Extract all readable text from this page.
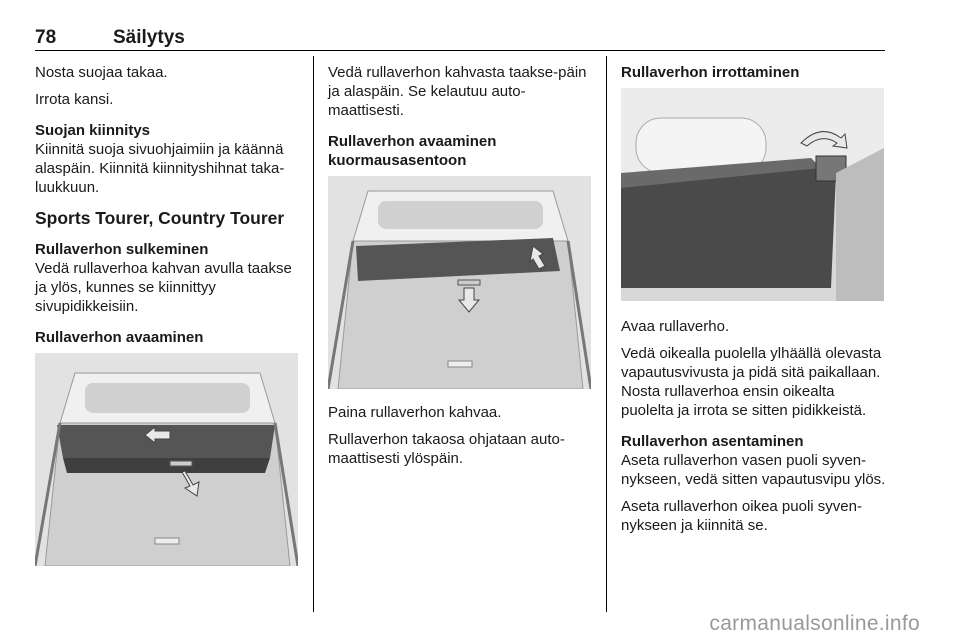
78	Säilytys

Nosta suojaa takaa.

Irrota kansi.

Suojan kiinnitys

Kiinnitä suoja sivuohjaimiin ja käännä alaspäin. Kiinnitä kiinnityshihnat taka-luukkuun.

Sports Tourer, Country Tourer
Rullaverhon sulkeminen

Vedä rullaverhoa kahvan avulla taakse ja ylös, kunnes se kiinnittyy sivupidikkeisiin.

Rullaverhon avaaminen

Vedä rullaverhon kahvasta taakse-päin ja alaspäin. Se kelautuu auto-maattisesti.

Rullaverhon avaaminen kuormausasentoon

Paina rullaverhon kahvaa.

Rullaverhon takaosa ohjataan auto-maattisesti ylöspäin.

Rullaverhon irrottaminen

Avaa rullaverho.

Vedä oikealla puolella ylhäällä olevasta vapautusvivusta ja pidä sitä paikallaan. Nosta rullaverhoa ensin oikealta puolelta ja irrota se sitten pidikkeistä.

Rullaverhon asentaminen

Aseta rullaverhon vasen puoli syven-nykseen, vedä sitten vapautusvipu ylös.

Aseta rullaverhon oikea puoli syven-nykseen ja kiinnitä se.

carmanualsonline.info
